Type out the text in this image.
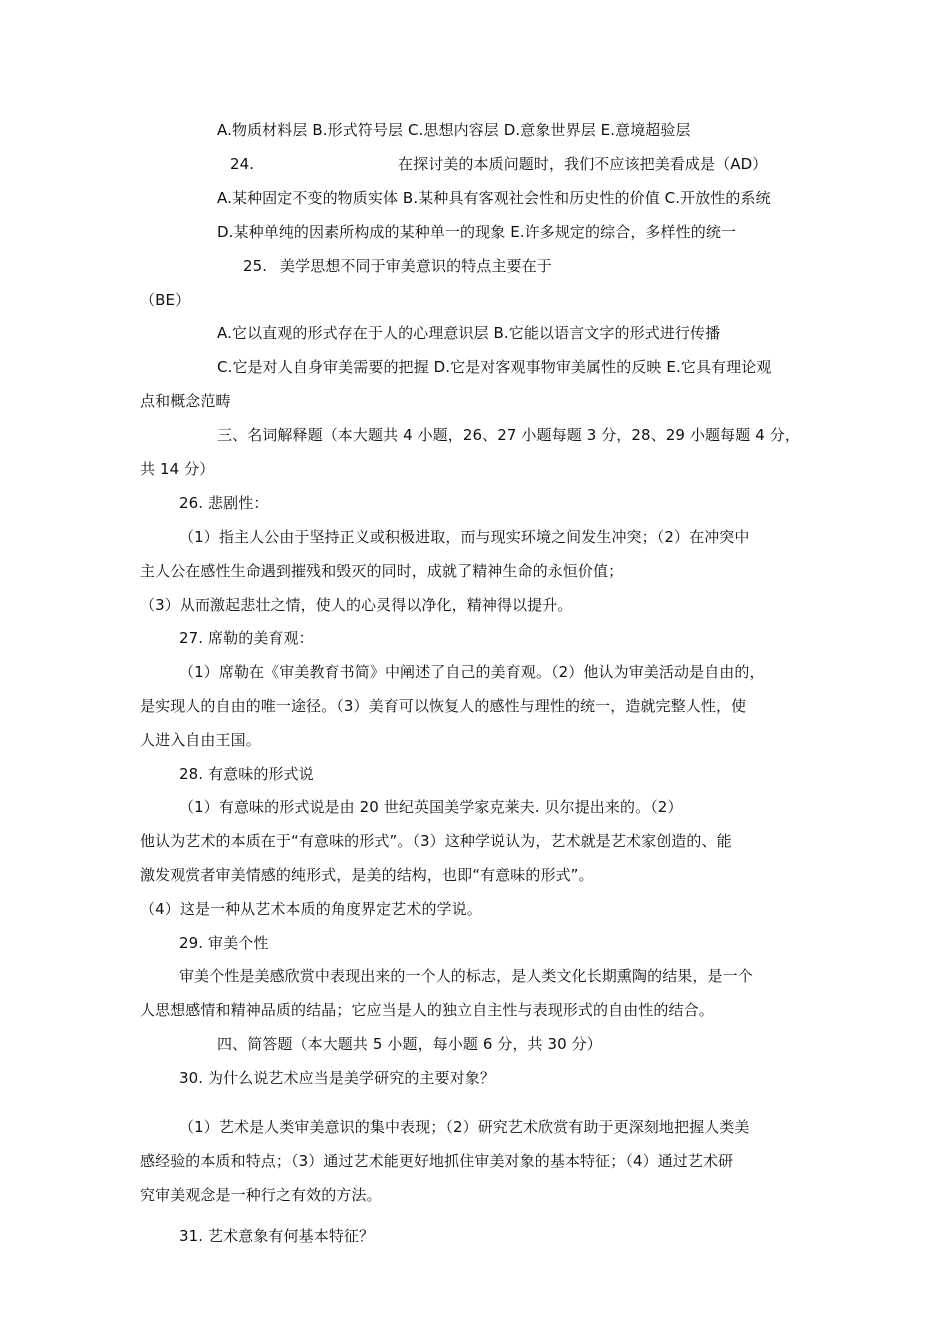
A.物质材料层 B.形式符号层 C.思想内容层 D.意象世界层 E.意境超验层
24.	在探讨美的本质问题时，我们不应该把美看成是（AD）
A.某种固定不变的物质实体 B.某种具有客观社会性和历史性的价值 C.开放性的系统
D.某种单纯的因素所构成的某种单一的现象 E.许多规定的综合，多样性的统一
25. 美学思想不同于审美意识的特点主要在于
（BE）
A.它以直观的形式存在于人的心理意识层 B.它能以语言文字的形式进行传播
C.它是对人自身审美需要的把握 D.它是对客观事物审美属性的反映 E.它具有理论观
点和概念范畴
三、名词解释题（本大题共 4 小题，26、27 小题每题 3 分，28、29 小题每题 4 分，
共 14 分）
26. 悲剧性：
（1）指主人公由于坚持正义或积极进取，而与现实环境之间发生冲突；（2）在冲突中
主人公在感性生命遇到摧残和毁灭的同时，成就了精神生命的永恒价值；
（3）从而激起悲壮之情，使人的心灵得以净化，精神得以提升。
27. 席勒的美育观：
（1）席勒在《审美教育书简》中阐述了自己的美育观。（2）他认为审美活动是自由的，
是实现人的自由的唯一途径。（3）美育可以恢复人的感性与理性的统一，造就完整人性，使
人进入自由王国。
28. 有意味的形式说
（1）有意味的形式说是由 20 世纪英国美学家克莱夫. 贝尔提出来的。（2）
他认为艺术的本质在于“有意味的形式”。（3）这种学说认为，艺术就是艺术家创造的、能
激发观赏者审美情感的纯形式，是美的结构，也即“有意味的形式”。
（4）这是一种从艺术本质的角度界定艺术的学说。
29. 审美个性
审美个性是美感欣赏中表现出来的一个人的标志，是人类文化长期熏陶的结果，是一个
人思想感情和精神品质的结晶；它应当是人的独立自主性与表现形式的自由性的结合。
四、简答题（本大题共 5 小题，每小题 6 分，共 30 分）
30. 为什么说艺术应当是美学研究的主要对象？
（1）艺术是人类审美意识的集中表现；（2）研究艺术欣赏有助于更深刻地把握人类美
感经验的本质和特点；（3）通过艺术能更好地抓住审美对象的基本特征；（4）通过艺术研
究审美观念是一种行之有效的方法。
31. 艺术意象有何基本特征？
